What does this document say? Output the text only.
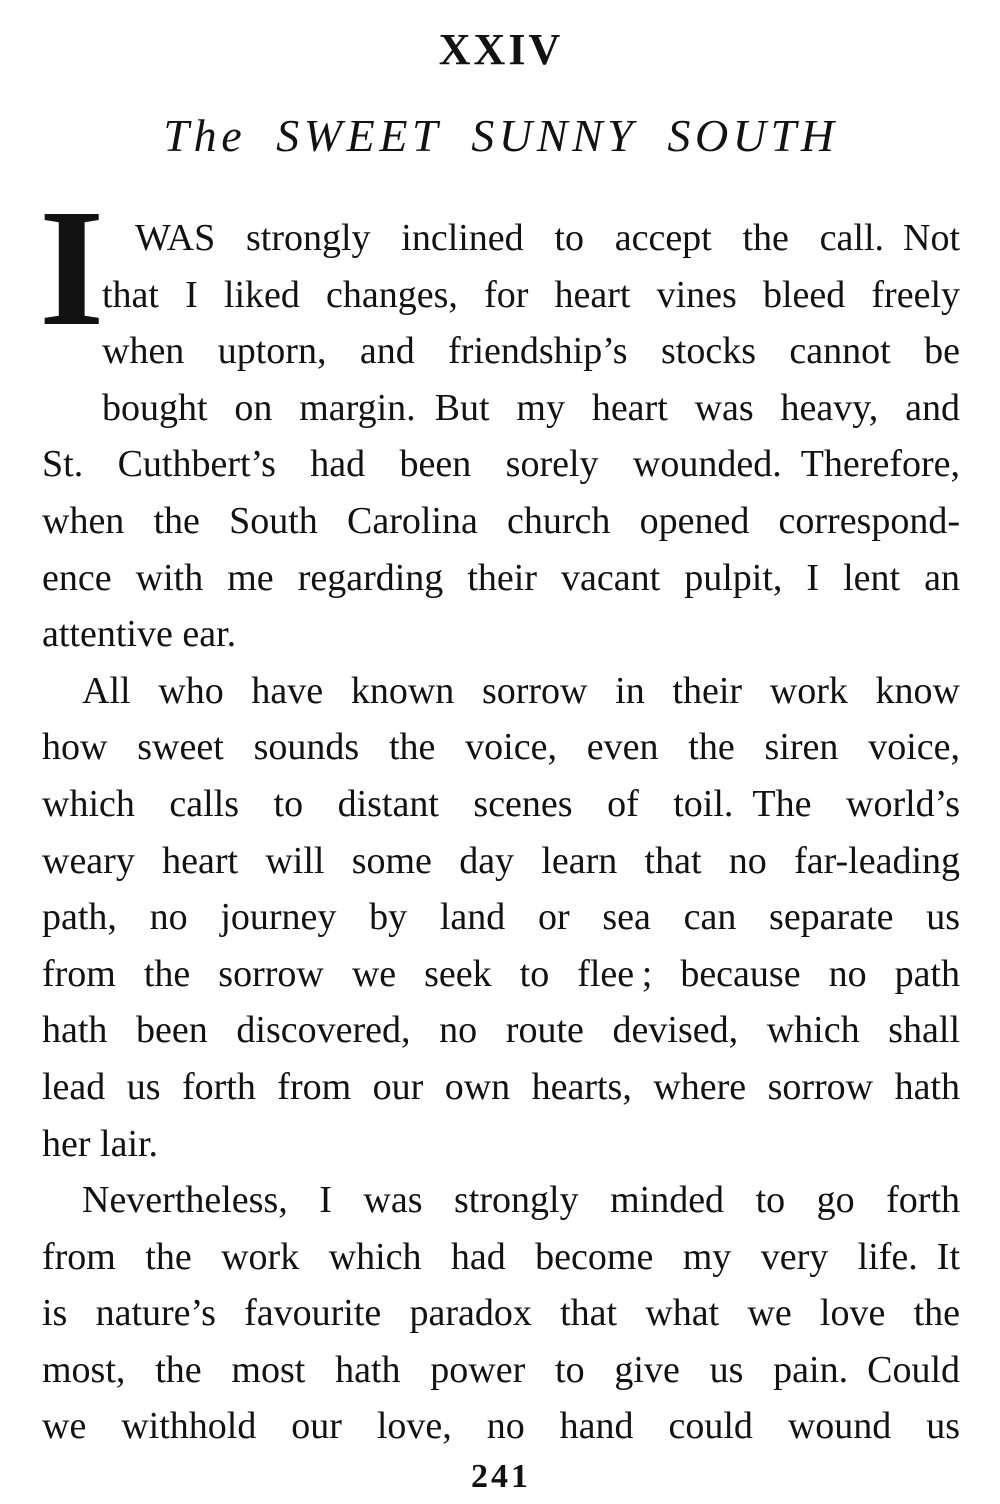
XXIV
The SWEET SUNNY SOUTH
I WAS strongly inclined to accept the call. Not
that I liked changes, for heart vines bleed freely
when uptorn, and friendship’s stocks cannot be
bought on margin. But my heart was heavy, and
St. Cuthbert’s had been sorely wounded. Therefore,
when the South Carolina church opened correspond-
ence with me regarding their vacant pulpit, I lent an
attentive ear.
All who have known sorrow in their work know
how sweet sounds the voice, even the siren voice,
which calls to distant scenes of toil. The world’s
weary heart will some day learn that no far-leading
path, no journey by land or sea can separate us
from the sorrow we seek to flee ; because no path
hath been discovered, no route devised, which shall
lead us forth from our own hearts, where sorrow hath
her lair.
Nevertheless, I was strongly minded to go forth
from the work which had become my very life. It
is nature’s favourite paradox that what we love the
most, the most hath power to give us pain. Could
we withhold our love, no hand could wound us
241
